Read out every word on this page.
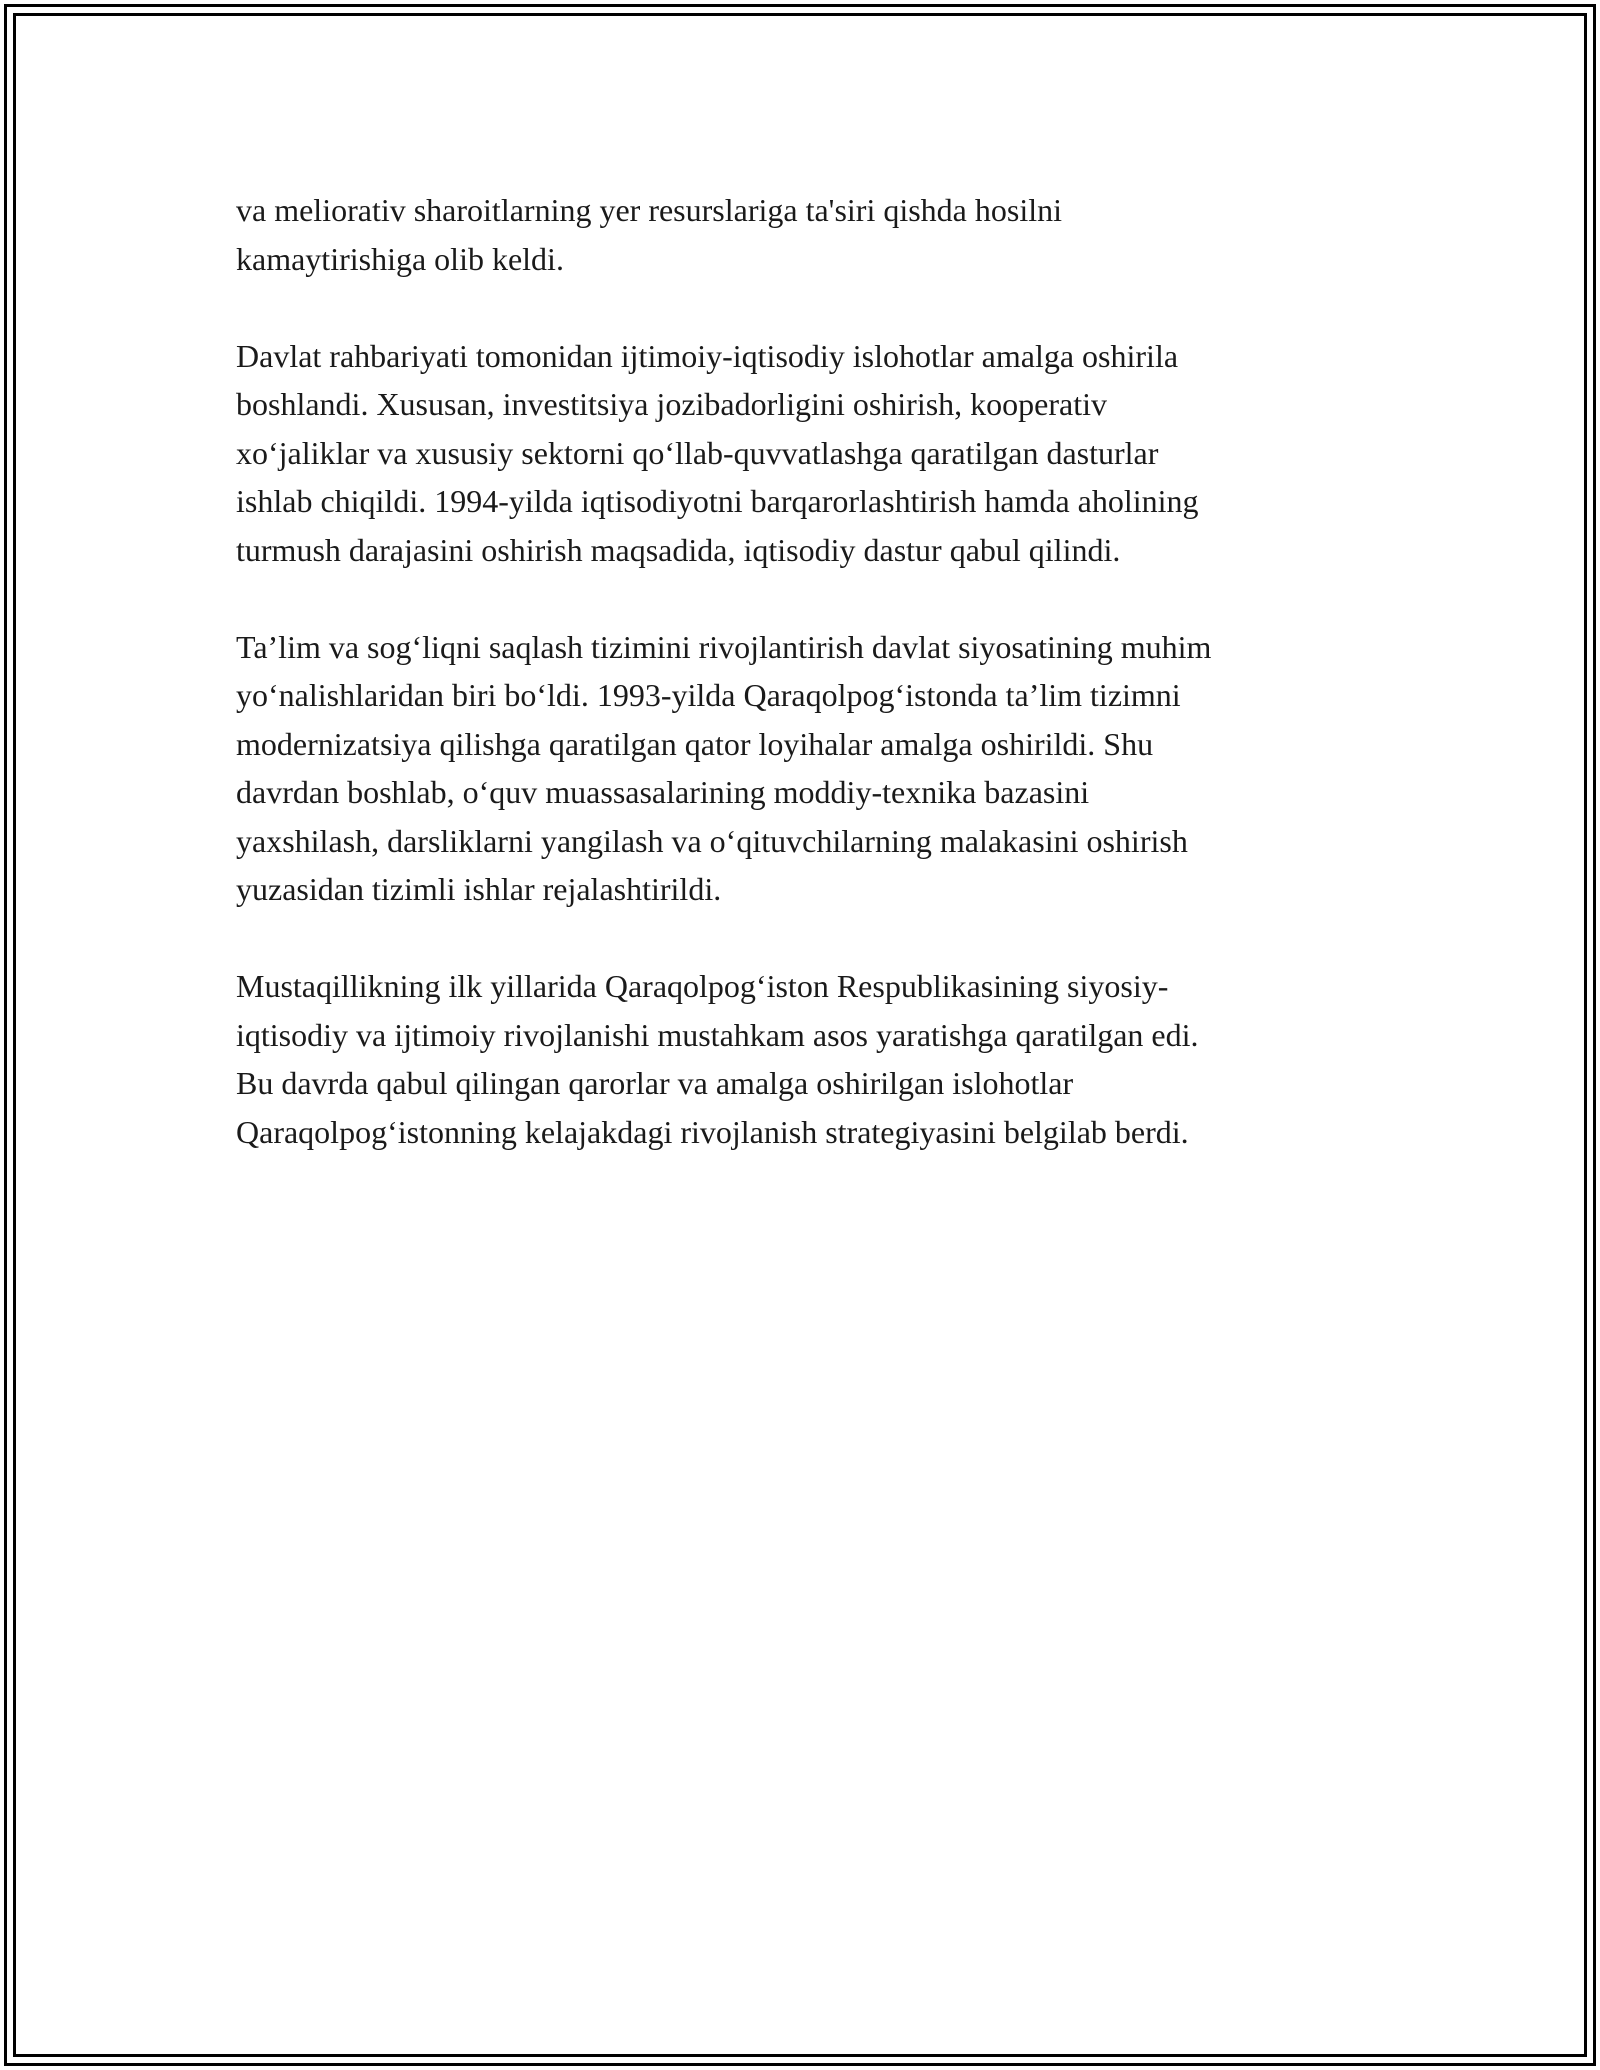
va meliorativ sharoitlarning yer resurslariga ta'siri qishda hosilni
kamaytirishiga olib keldi.

Davlat rahbariyati tomonidan ijtimoiy-iqtisodiy islohotlar amalga oshirila
boshlandi. Xususan, investitsiya jozibadorligini oshirish, kooperativ
xo‘jaliklar va xususiy sektorni qo‘llab-quvvatlashga qaratilgan dasturlar
ishlab chiqildi. 1994-yilda iqtisodiyotni barqarorlashtirish hamda aholining
turmush darajasini oshirish maqsadida, iqtisodiy dastur qabul qilindi.

Ta’lim va sog‘liqni saqlash tizimini rivojlantirish davlat siyosatining muhim
yo‘nalishlaridan biri bo‘ldi. 1993-yilda Qaraqolpog‘istonda ta’lim tizimni
modernizatsiya qilishga qaratilgan qator loyihalar amalga oshirildi. Shu
davrdan boshlab, o‘quv muassasalarining moddiy-texnika bazasini
yaxshilash, darsliklarni yangilash va o‘qituvchilarning malakasini oshirish
yuzasidan tizimli ishlar rejalashtirildi.

Mustaqillikning ilk yillarida Qaraqolpog‘iston Respublikasining siyosiy-
iqtisodiy va ijtimoiy rivojlanishi mustahkam asos yaratishga qaratilgan edi.
Bu davrda qabul qilingan qarorlar va amalga oshirilgan islohotlar
Qaraqolpog‘istonning kelajakdagi rivojlanish strategiyasini belgilab berdi.
